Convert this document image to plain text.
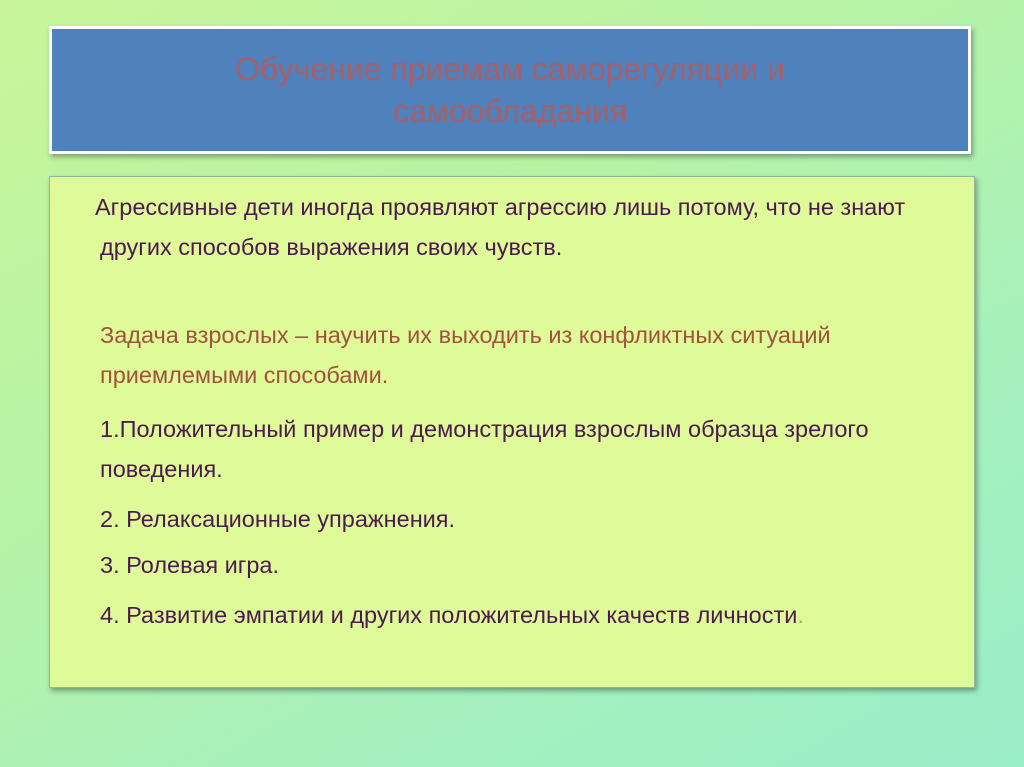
Обучение приемам саморегуляции и самообладания

Агрессивные дети иногда проявляют агрессию лишь потому, что не знают других способов выражения своих чувств.

Задача взрослых – научить их выходить из конфликтных ситуаций приемлемыми способами.

1.Положительный пример и демонстрация взрослым образца зрелого поведения.

2. Релаксационные упражнения.

3. Ролевая игра.

4. Развитие эмпатии и других положительных качеств личности.
